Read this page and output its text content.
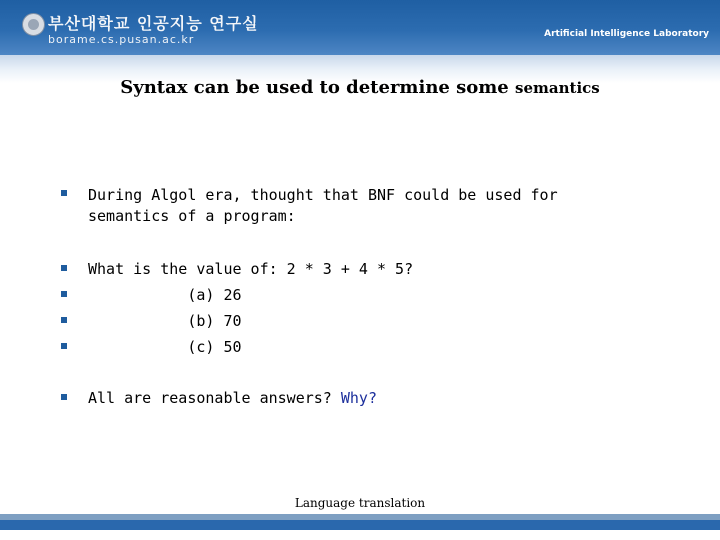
부산대학교 인공지능 연구실
borame.cs.pusan.ac.kr	Artificial Intelligence Laboratory
Syntax can be used to determine some semantics
During Algol era, thought that BNF could be used for
semantics of a program:
What is the value of: 2 * 3 + 4 * 5?
(a) 26
(b) 70
(c) 50
All are reasonable answers? Why?
Language translation
